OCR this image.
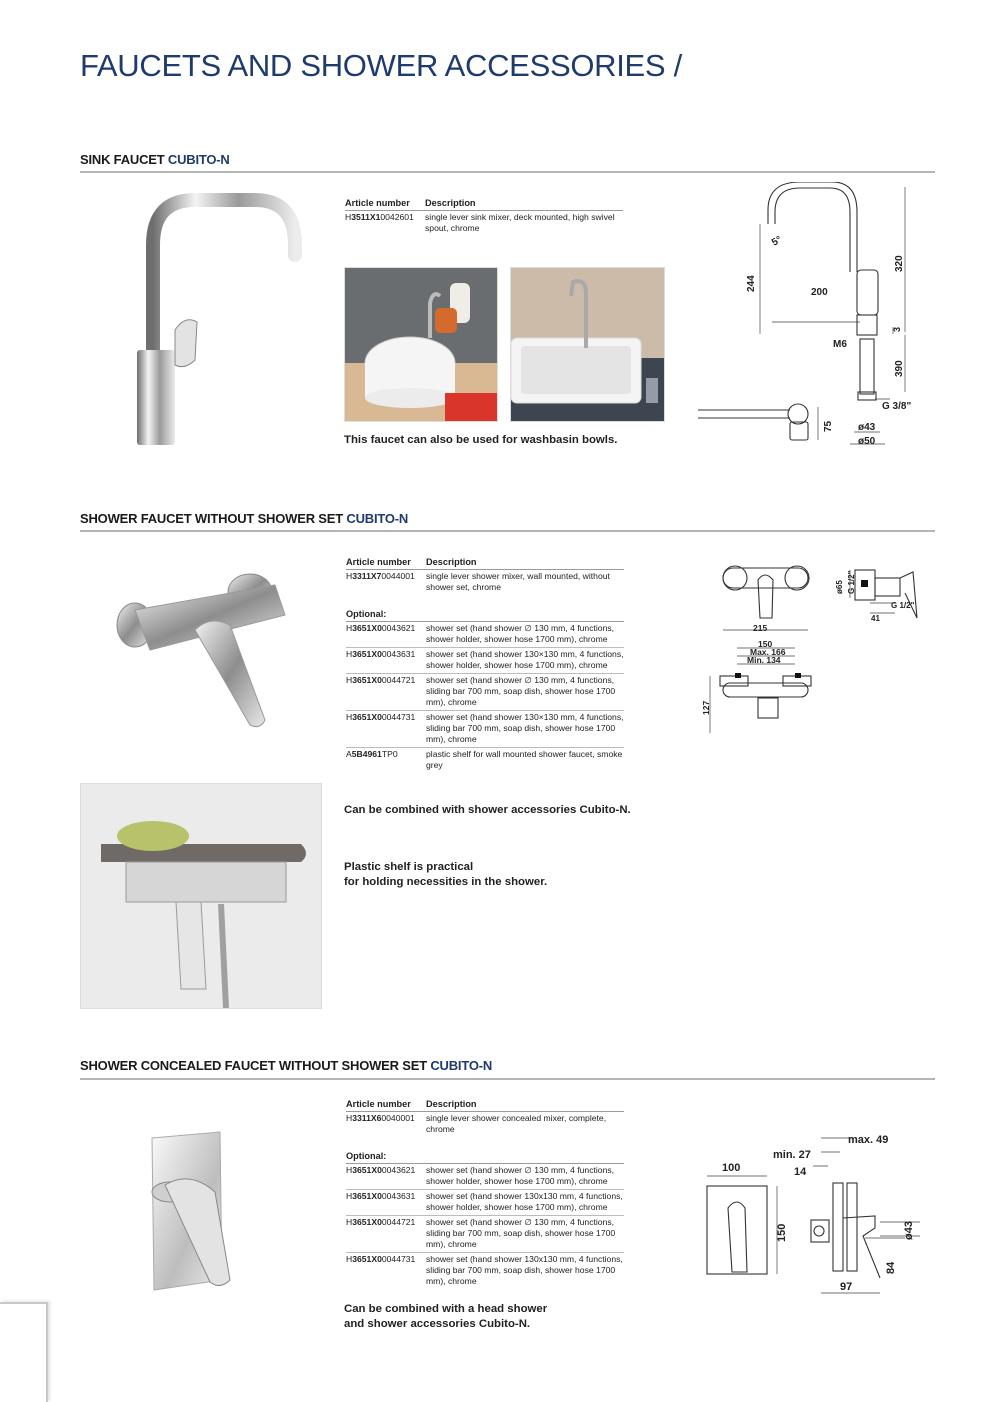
FAUCETS AND SHOWER ACCESSORIES /
SINK FAUCET CUBITO-N
Article number	Description
H3511X10042601	single lever sink mixer, deck mounted, high swivel spout, chrome
This faucet can also be used for washbasin bowls.
5°
244
200
320
3
M6
390
G 3/8"
ø43
ø50
75
SHOWER FAUCET WITHOUT SHOWER SET CUBITO-N
Article number	Description
H3311X70044001	single lever shower mixer, wall mounted, without shower set, chrome
Optional:
H3651X00043621	shower set (hand shower ∅ 130 mm, 4 functions, shower holder, shower hose 1700 mm), chrome
H3651X00043631	shower set (hand shower 130×130 mm, 4 functions, shower holder, shower hose 1700 mm), chrome
H3651X00044721	shower set (hand shower ∅ 130 mm, 4 functions, sliding bar 700 mm, soap dish, shower hose 1700 mm), chrome
H3651X00044731	shower set (hand shower 130×130 mm, 4 functions, sliding bar 700 mm, soap dish, shower hose 1700 mm), chrome
A5B4961TP0	plastic shelf for wall mounted shower faucet, smoke grey
215
150
Max. 166
Min. 134
127
ø65 G 1/2"
G 1/2"
41
Can be combined with shower accessories Cubito-N.
Plastic shelf is practical
for holding necessities in the shower.
SHOWER CONCEALED FAUCET WITHOUT SHOWER SET CUBITO-N
Article number	Description
H3311X60040001	single lever shower concealed mixer, complete, chrome
Optional:
H3651X00043621	shower set (hand shower ∅ 130 mm, 4 functions, shower holder, shower hose 1700 mm), chrome
H3651X00043631	shower set (hand shower 130x130 mm, 4 functions, shower holder, shower hose 1700 mm), chrome
H3651X00044721	shower set (hand shower ∅ 130 mm, 4 functions, sliding bar 700 mm, soap dish, shower hose 1700 mm), chrome
H3651X00044731	shower set (hand shower 130x130 mm, 4 functions, sliding bar 700 mm, soap dish, shower hose 1700 mm), chrome
Can be combined with a head shower
and shower accessories Cubito-N.
max. 49
min. 27
100	14
150	ø43
84
97
